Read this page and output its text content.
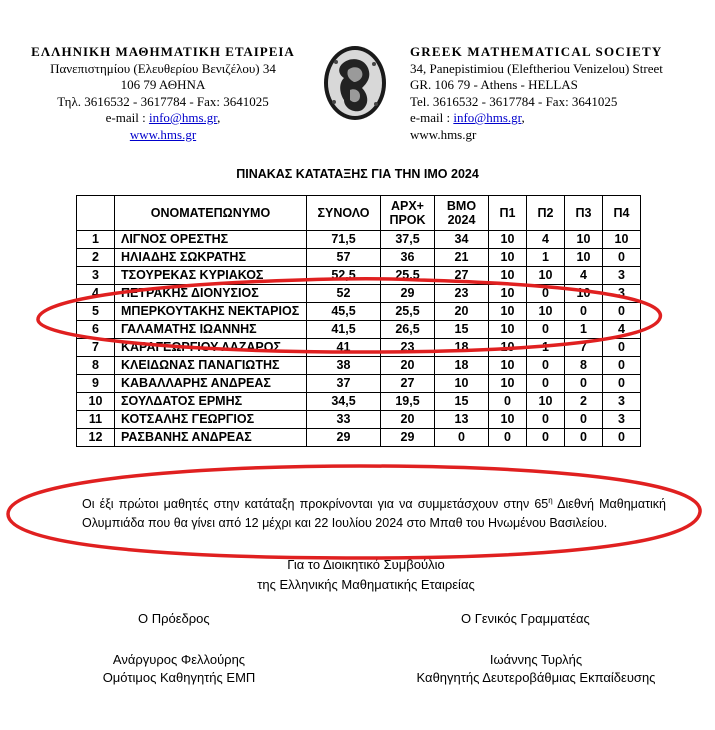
ΕΛΛΗΝΙΚΗ ΜΑΘΗΜΑΤΙΚΗ ΕΤΑΙΡΕΙΑ
Πανεπιστημίου (Ελευθερίου Βενιζέλου) 34
106 79 ΑΘΗΝΑ
Τηλ. 3616532 - 3617784 - Fax: 3641025
e-mail : info@hms.gr,
www.hms.gr
GREEK MATHEMATICAL SOCIETY
34, Panepistimiou (Eleftheriou Venizelou) Street
GR. 106 79 - Athens - HELLAS
Tel. 3616532 - 3617784 - Fax: 3641025
e-mail : info@hms.gr,
www.hms.gr
ΠΙΝΑΚΑΣ ΚΑΤΑΤΑΞΗΣ ΓΙΑ ΤΗΝ ΙΜΟ 2024
	ΟΝΟΜΑΤΕΠΩΝΥΜΟ	ΣΥΝΟΛΟ	ΑΡΧ+ ΠΡΟΚ	ΒΜΟ 2024	Π1	Π2	Π3	Π4
1	ΛΙΓΝΟΣ ΟΡΕΣΤΗΣ	71,5	37,5	34	10	4	10	10
2	ΗΛΙΑΔΗΣ ΣΩΚΡΑΤΗΣ	57	36	21	10	1	10	0
3	ΤΣΟΥΡΕΚΑΣ ΚΥΡΙΑΚΟΣ	52,5	25,5	27	10	10	4	3
4	ΠΕΤΡΑΚΗΣ ΔΙΟΝΥΣΙΟΣ	52	29	23	10	0	10	3
5	ΜΠΕΡΚΟΥΤΑΚΗΣ ΝΕΚΤΑΡΙΟΣ	45,5	25,5	20	10	10	0	0
6	ΓΑΛΑΜΑΤΗΣ ΙΩΑΝΝΗΣ	41,5	26,5	15	10	0	1	4
7	ΚΑΡΑΓΕΩΡΓΙΟΥ ΛΑΖΑΡΟΣ	41	23	18	10	1	7	0
8	ΚΛΕΙΔΩΝΑΣ ΠΑΝΑΓΙΩΤΗΣ	38	20	18	10	0	8	0
9	ΚΑΒΑΛΛΑΡΗΣ ΑΝΔΡΕΑΣ	37	27	10	10	0	0	0
10	ΣΟΥΛΔΑΤΟΣ ΕΡΜΗΣ	34,5	19,5	15	0	10	2	3
11	ΚΟΤΣΑΛΗΣ ΓΕΩΡΓΙΟΣ	33	20	13	10	0	0	3
12	ΡΑΣΒΑΝΗΣ ΑΝΔΡΕΑΣ	29	29	0	0	0	0	0
Οι έξι πρώτοι μαθητές στην κατάταξη προκρίνονται για να συμμετάσχουν στην $65^\eta$ Διεθνή Μαθηματική Ολυμπιάδα που θα γίνει από 12 μέχρι και 22 Ιουλίου 2024 στο Μπαθ του Ηνωμένου Βασιλείου.
Για το Διοικητικό Συμβούλιο
της Ελληνικής Μαθηματικής Εταιρείας
Ο Πρόεδρος	Ο Γενικός Γραμματέας
Ανάργυρος Φελλούρης
Ομότιμος Καθηγητής ΕΜΠ
Ιωάννης Τυρλής
Καθηγητής Δευτεροβάθμιας Εκπαίδευσης
